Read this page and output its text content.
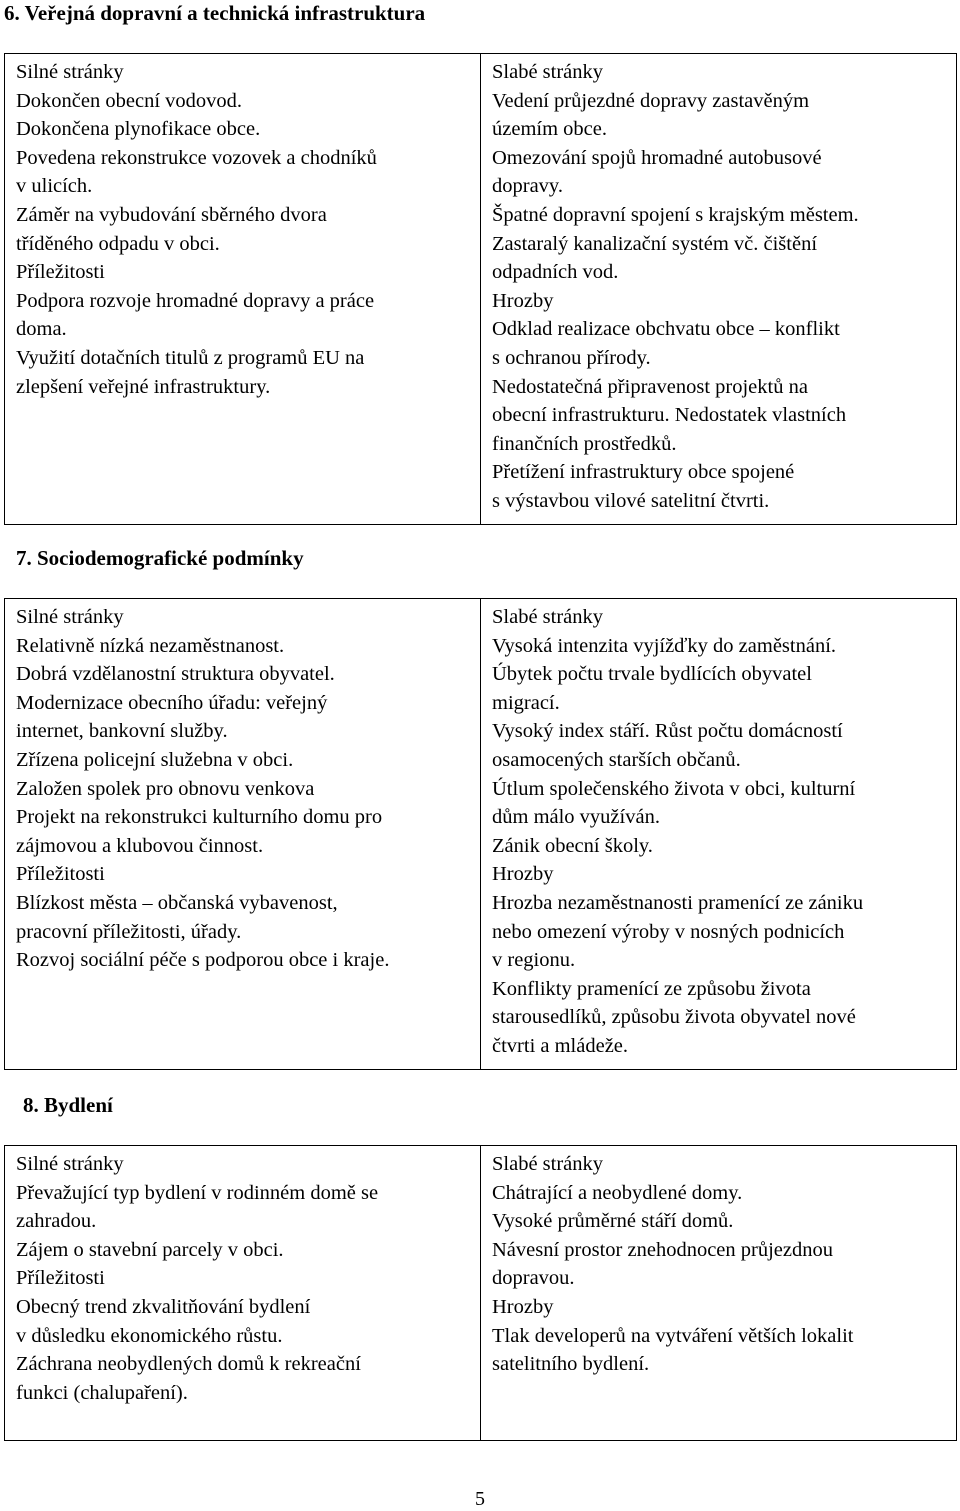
6. Veřejná dopravní a technická infrastruktura
Silné stránky
Dokončen obecní vodovod.
Dokončena plynofikace obce.
Povedena rekonstrukce vozovek a chodníků
v ulicích.
Záměr na vybudování sběrného dvora
tříděného odpadu v obci.
Příležitosti
Podpora rozvoje hromadné dopravy a práce
doma.
Využití dotačních titulů z programů EU na
zlepšení veřejné infrastruktury.

Slabé stránky
Vedení průjezdné dopravy zastavěným
územím obce.
Omezování spojů hromadné autobusové
dopravy.
Špatné dopravní spojení s krajským městem.
Zastaralý kanalizační systém vč. čištění
odpadních vod.
Hrozby
Odklad realizace obchvatu obce – konflikt
s ochranou přírody.
Nedostatečná připravenost projektů na
obecní infrastrukturu. Nedostatek vlastních
finančních prostředků.
Přetížení infrastruktury obce spojené
s výstavbou vilové satelitní čtvrti.
7. Sociodemografické podmínky
Silné stránky
Relativně nízká nezaměstnanost.
Dobrá vzdělanostní struktura obyvatel.
Modernizace obecního úřadu: veřejný
internet, bankovní služby.
Zřízena policejní služebna v obci.
Založen spolek pro obnovu venkova
Projekt na rekonstrukci kulturního domu pro
zájmovou a klubovou činnost.
Příležitosti
Blízkost města – občanská vybavenost,
pracovní příležitosti, úřady.
Rozvoj sociální péče s podporou obce i kraje.

Slabé stránky
Vysoká intenzita vyjížďky do zaměstnání.
Úbytek počtu trvale bydlících obyvatel
migrací.
Vysoký index stáří. Růst počtu domácností
osamocených starších občanů.
Útlum společenského života v obci, kulturní
dům málo využíván.
Zánik obecní školy.
Hrozby
Hrozba nezaměstnanosti pramenící ze zániku
nebo omezení výroby v nosných podnicích
v regionu.
Konflikty pramenící ze způsobu života
starousedlíků, způsobu života obyvatel nové
čtvrti a mládeže.
8. Bydlení
Silné stránky
Převažující typ bydlení v rodinném domě se
zahradou.
Zájem o stavební parcely v obci.
Příležitosti
Obecný trend zkvalitňování bydlení
v důsledku ekonomického růstu.
Záchrana neobydlených domů k rekreační
funkci (chalupaření).

Slabé stránky
Chátrající a neobydlené domy.
Vysoké průměrné stáří domů.
Návesní prostor znehodnocen průjezdnou
dopravou.
Hrozby
Tlak developerů na vytváření větších lokalit
satelitního bydlení.
5
